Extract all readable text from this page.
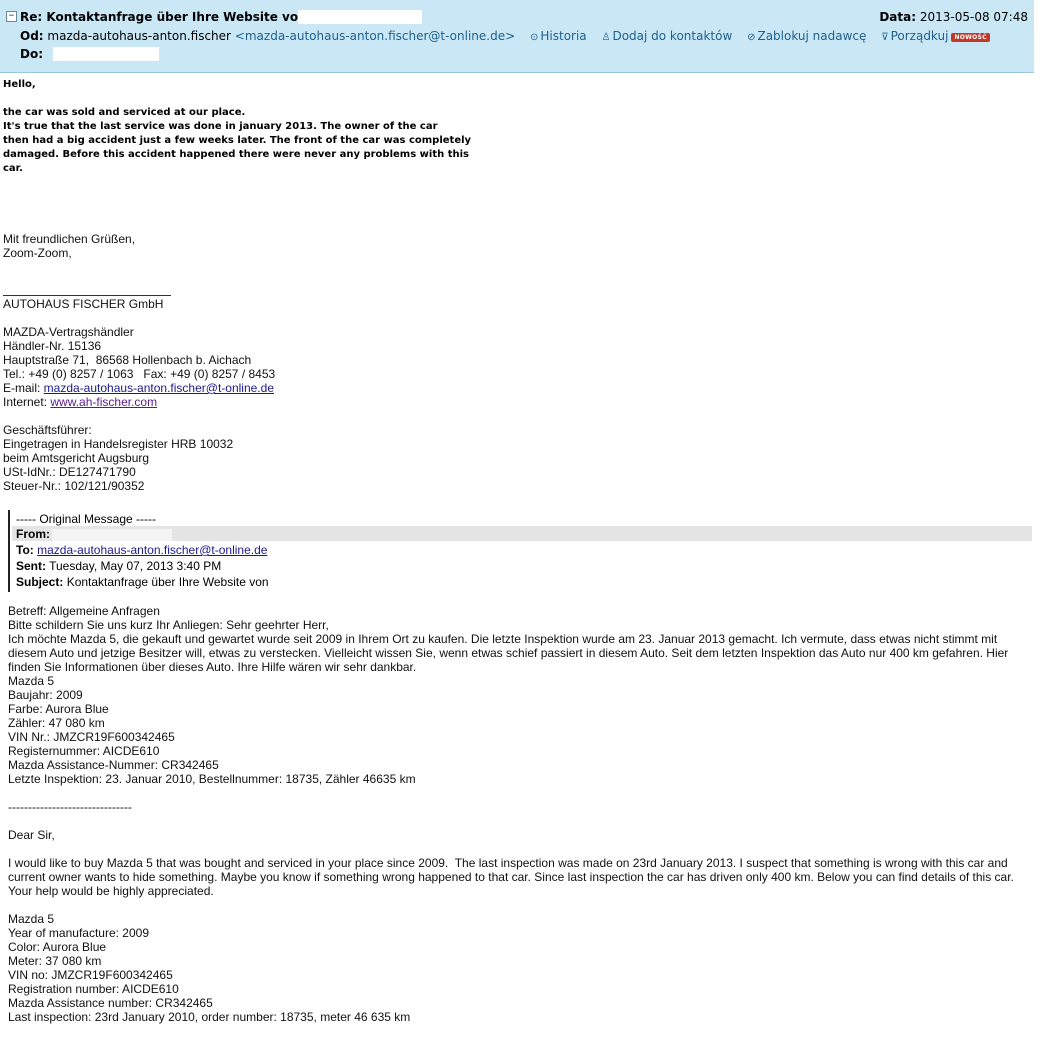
− Re: Kontaktanfrage über Ihre Website vo	Data: 2013-05-08 07:48
Od: mazda-autohaus-anton.fischer <mazda-autohaus-anton.fischer@t-online.de> ⊙ Historia ♙ Dodaj do kontaktów ⊘ Zablokuj nadawcę ⊽ Porządkuj NOWOŚĆ
Do:
Hello,
the car was sold and serviced at our place.
It's true that the last service was done in january 2013. The owner of the car
then had a big accident just a few weeks later. The front of the car was completely
damaged. Before this accident happened there were never any problems with this
car.
Mit freundlichen Grüßen,
Zoom-Zoom,
AUTOHAUS FISCHER GmbH
MAZDA-Vertragshändler
Händler-Nr. 15136
Hauptstraße 71,  86568 Hollenbach b. Aichach
Tel.: +49 (0) 8257 / 1063   Fax: +49 (0) 8257 / 8453
E-mail: mazda-autohaus-anton.fischer@t-online.de
Internet: www.ah-fischer.com
Geschäftsführer:
Eingetragen in Handelsregister HRB 10032
beim Amtsgericht Augsburg
USt-IdNr.: DE127471790
Steuer-Nr.: 102/121/90352
----- Original Message -----
From:
To: mazda-autohaus-anton.fischer@t-online.de
Sent: Tuesday, May 07, 2013 3:40 PM
Subject: Kontaktanfrage über Ihre Website von
Betreff: Allgemeine Anfragen
Bitte schildern Sie uns kurz Ihr Anliegen: Sehr geehrter Herr,
Ich möchte Mazda 5, die gekauft und gewartet wurde seit 2009 in Ihrem Ort zu kaufen. Die letzte Inspektion wurde am 23. Januar 2013 gemacht. Ich vermute, dass etwas nicht stimmt mit diesem Auto und jetzige Besitzer will, etwas zu verstecken. Vielleicht wissen Sie, wenn etwas schief passiert in diesem Auto. Seit dem letzten Inspektion das Auto nur 400 km gefahren. Hier finden Sie Informationen über dieses Auto. Ihre Hilfe wären wir sehr dankbar.
Mazda 5
Baujahr: 2009
Farbe: Aurora Blue
Zähler: 47 080 km
VIN Nr.: JMZCR19F600342465
Registernummer: AICDE610
Mazda Assistance-Nummer: CR342465
Letzte Inspektion: 23. Januar 2010, Bestellnummer: 18735, Zähler 46635 km
-------------------------------
Dear Sir,
I would like to buy Mazda 5 that was bought and serviced in your place since 2009.  The last inspection was made on 23rd January 2013. I suspect that something is wrong with this car and current owner wants to hide something. Maybe you know if something wrong happened to that car. Since last inspection the car has driven only 400 km. Below you can find details of this car. Your help would be highly appreciated.
Mazda 5
Year of manufacture: 2009
Color: Aurora Blue
Meter: 37 080 km
VIN no: JMZCR19F600342465
Registration number: AICDE610
Mazda Assistance number: CR342465
Last inspection: 23rd January 2010, order number: 18735, meter 46 635 km
